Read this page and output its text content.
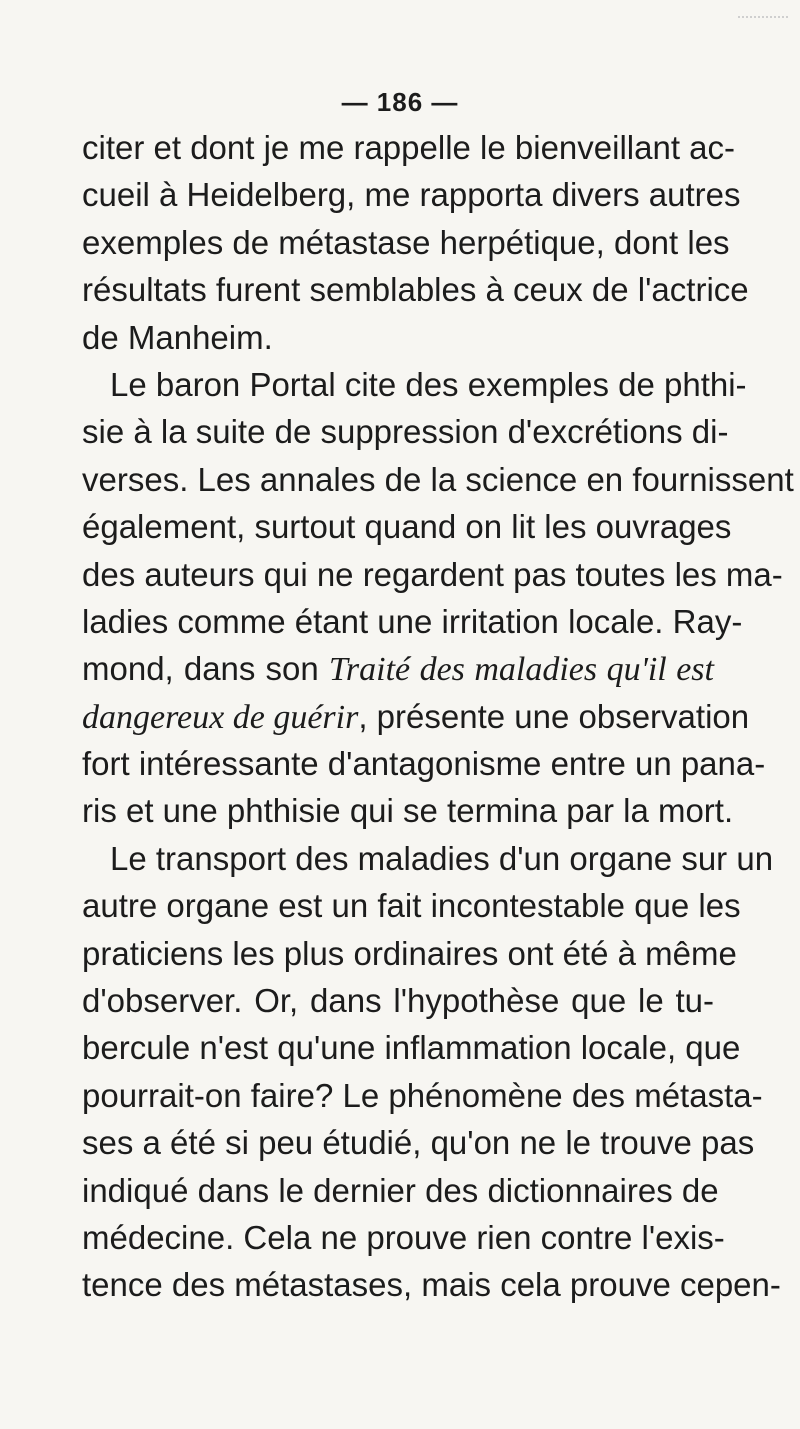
— 186 —
citer et dont je me rappelle le bienveillant ac-
cueil à Heidelberg, me rapporta divers autres
exemples de métastase herpétique, dont les
résultats furent semblables à ceux de l'actrice
de Manheim.
Le baron Portal cite des exemples de phthi-
sie à la suite de suppression d'excrétions di-
verses. Les annales de la science en fournissent
également, surtout quand on lit les ouvrages
des auteurs qui ne regardent pas toutes les ma-
ladies comme étant une irritation locale. Ray-
mond, dans son Traité des maladies qu'il est
dangereux de guérir, présente une observation
fort intéressante d'antagonisme entre un pana-
ris et une phthisie qui se termina par la mort.
Le transport des maladies d'un organe sur un
autre organe est un fait incontestable que les
praticiens les plus ordinaires ont été à même
d'observer. Or, dans l'hypothèse que le tu-
bercule n'est qu'une inflammation locale, que
pourrait-on faire? Le phénomène des métasta-
ses a été si peu étudié, qu'on ne le trouve pas
indiqué dans le dernier des dictionnaires de
médecine. Cela ne prouve rien contre l'exis-
tence des métastases, mais cela prouve cepen-
